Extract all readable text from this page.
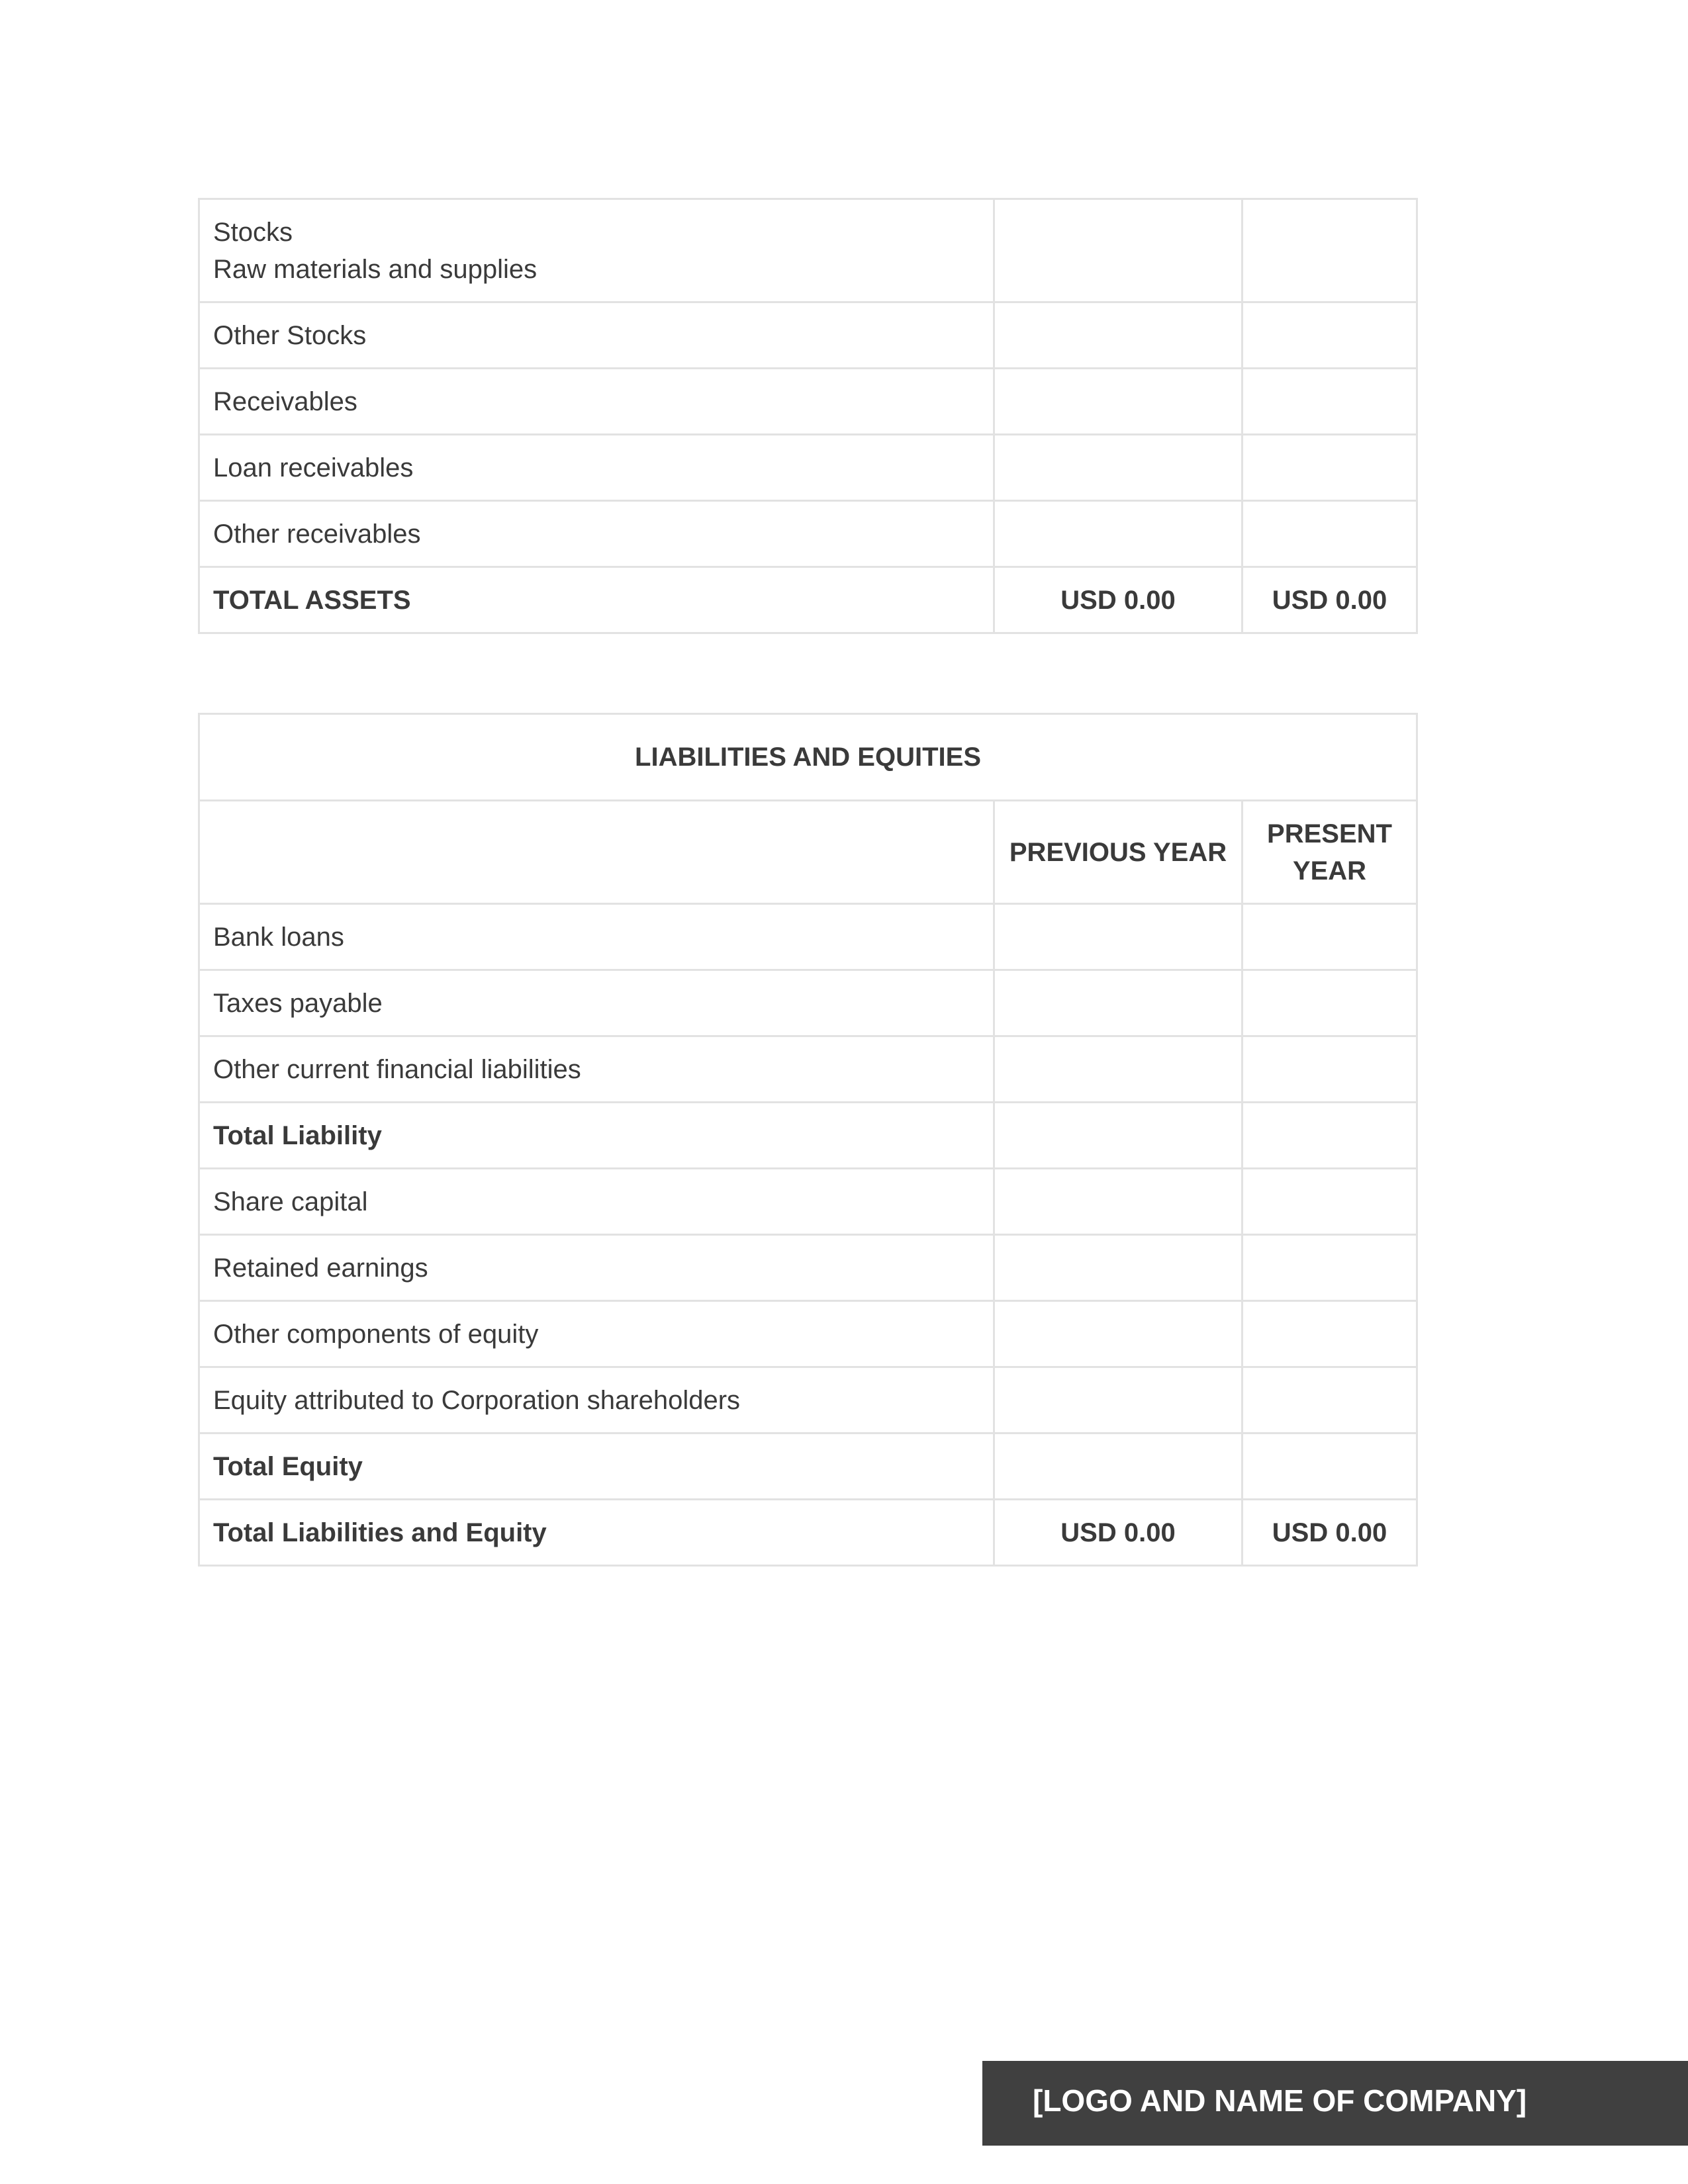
Stocks
Raw materials and supplies		

Other Stocks		
Receivables		
Loan receivables		
Other receivables		
TOTAL ASSETS	USD 0.00	USD 0.00
LIABILITIES AND EQUITIES		
	PREVIOUS YEAR	PRESENT
YEAR

Bank loans		
Taxes payable		
Other current financial liabilities		
Total Liability		
Share capital		
Retained earnings		
Other components of equity		
Equity attributed to Corporation shareholders		
Total Equity		
Total Liabilities and Equity	USD 0.00	USD 0.00
[LOGO AND NAME OF COMPANY]
